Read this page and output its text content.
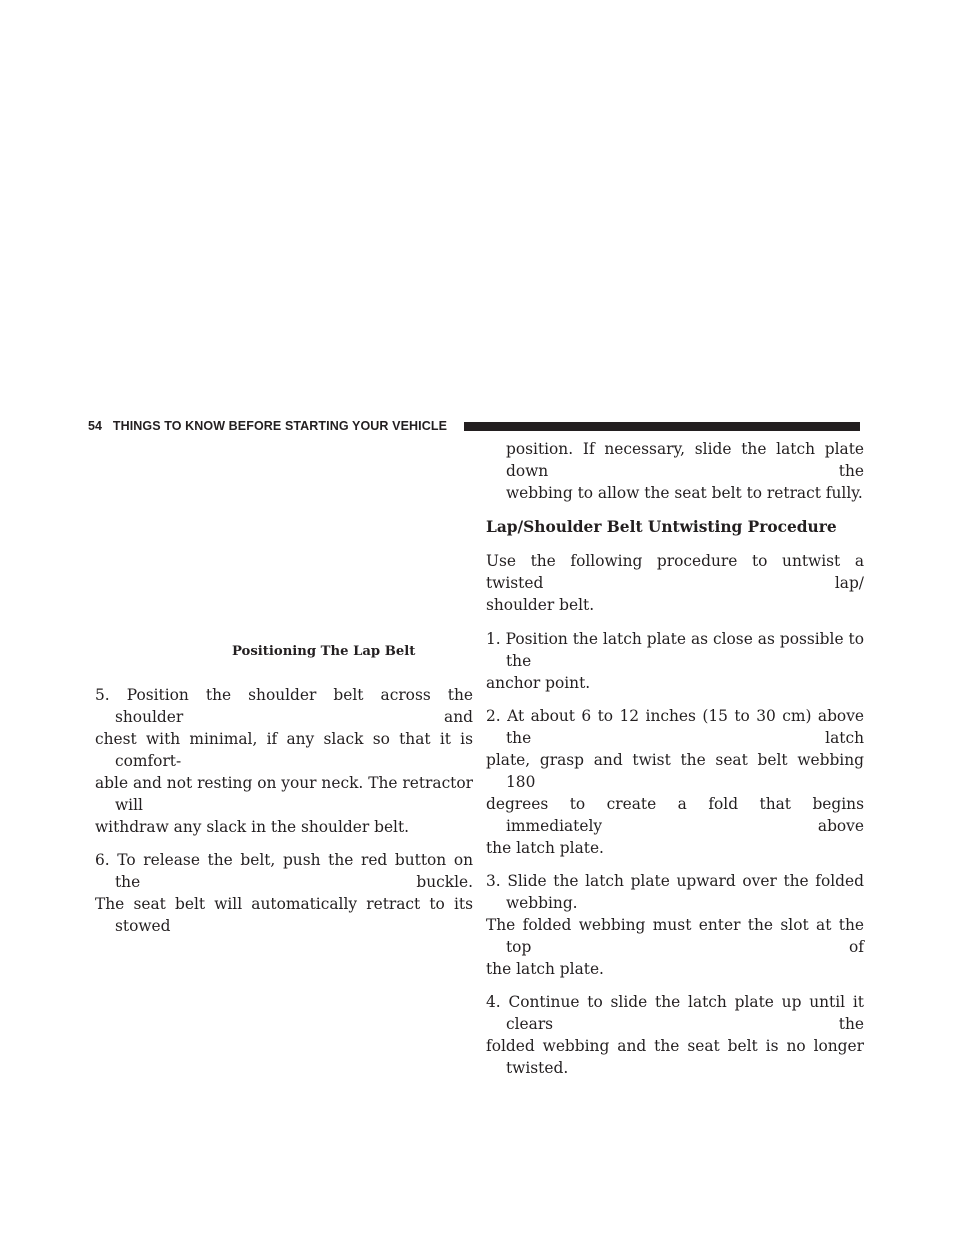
54 THINGS TO KNOW BEFORE STARTING YOUR VEHICLE
Positioning The Lap Belt
5. Position the shoulder belt across the shoulder and
chest with minimal, if any slack so that it is comfort-
able and not resting on your neck. The retractor will
withdraw any slack in the shoulder belt.
6. To release the belt, push the red button on the buckle.
The seat belt will automatically retract to its stowed
position. If necessary, slide the latch plate down the
webbing to allow the seat belt to retract fully.
Lap/Shoulder Belt Untwisting Procedure
Use the following procedure to untwist a twisted lap/
shoulder belt.
1. Position the latch plate as close as possible to the
anchor point.
2. At about 6 to 12 inches (15 to 30 cm) above the latch
plate, grasp and twist the seat belt webbing 180
degrees to create a fold that begins immediately above
the latch plate.
3. Slide the latch plate upward over the folded webbing.
The folded webbing must enter the slot at the top of
the latch plate.
4. Continue to slide the latch plate up until it clears the
folded webbing and the seat belt is no longer twisted.
